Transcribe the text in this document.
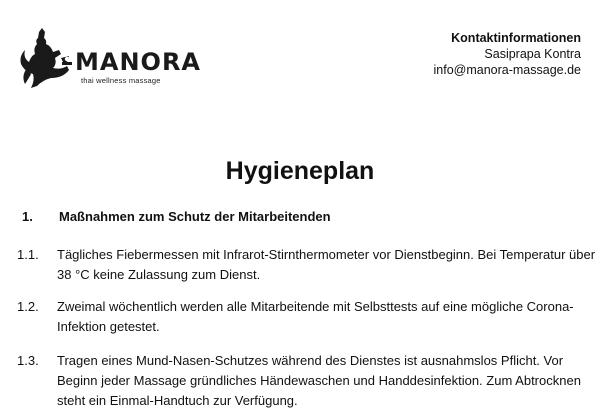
MANORA
thai wellness massage
Kontaktinformationen
Sasiprapa Kontra
info@manora-massage.de
Hygieneplan
1. Maßnahmen zum Schutz der Mitarbeitenden
1.1. Tägliches Fiebermessen mit Infrarot-Stirnthermometer vor Dienstbeginn. Bei Temperatur über 38 °C keine Zulassung zum Dienst.
1.2. Zweimal wöchentlich werden alle Mitarbeitende mit Selbsttests auf eine mögliche Corona-Infektion getestet.
1.3. Tragen eines Mund-Nasen-Schutzes während des Dienstes ist ausnahmslos Pflicht. Vor Beginn jeder Massage gründliches Händewaschen und Handdesinfektion. Zum Abtrocknen steht ein Einmal-Handtuch zur Verfügung.
